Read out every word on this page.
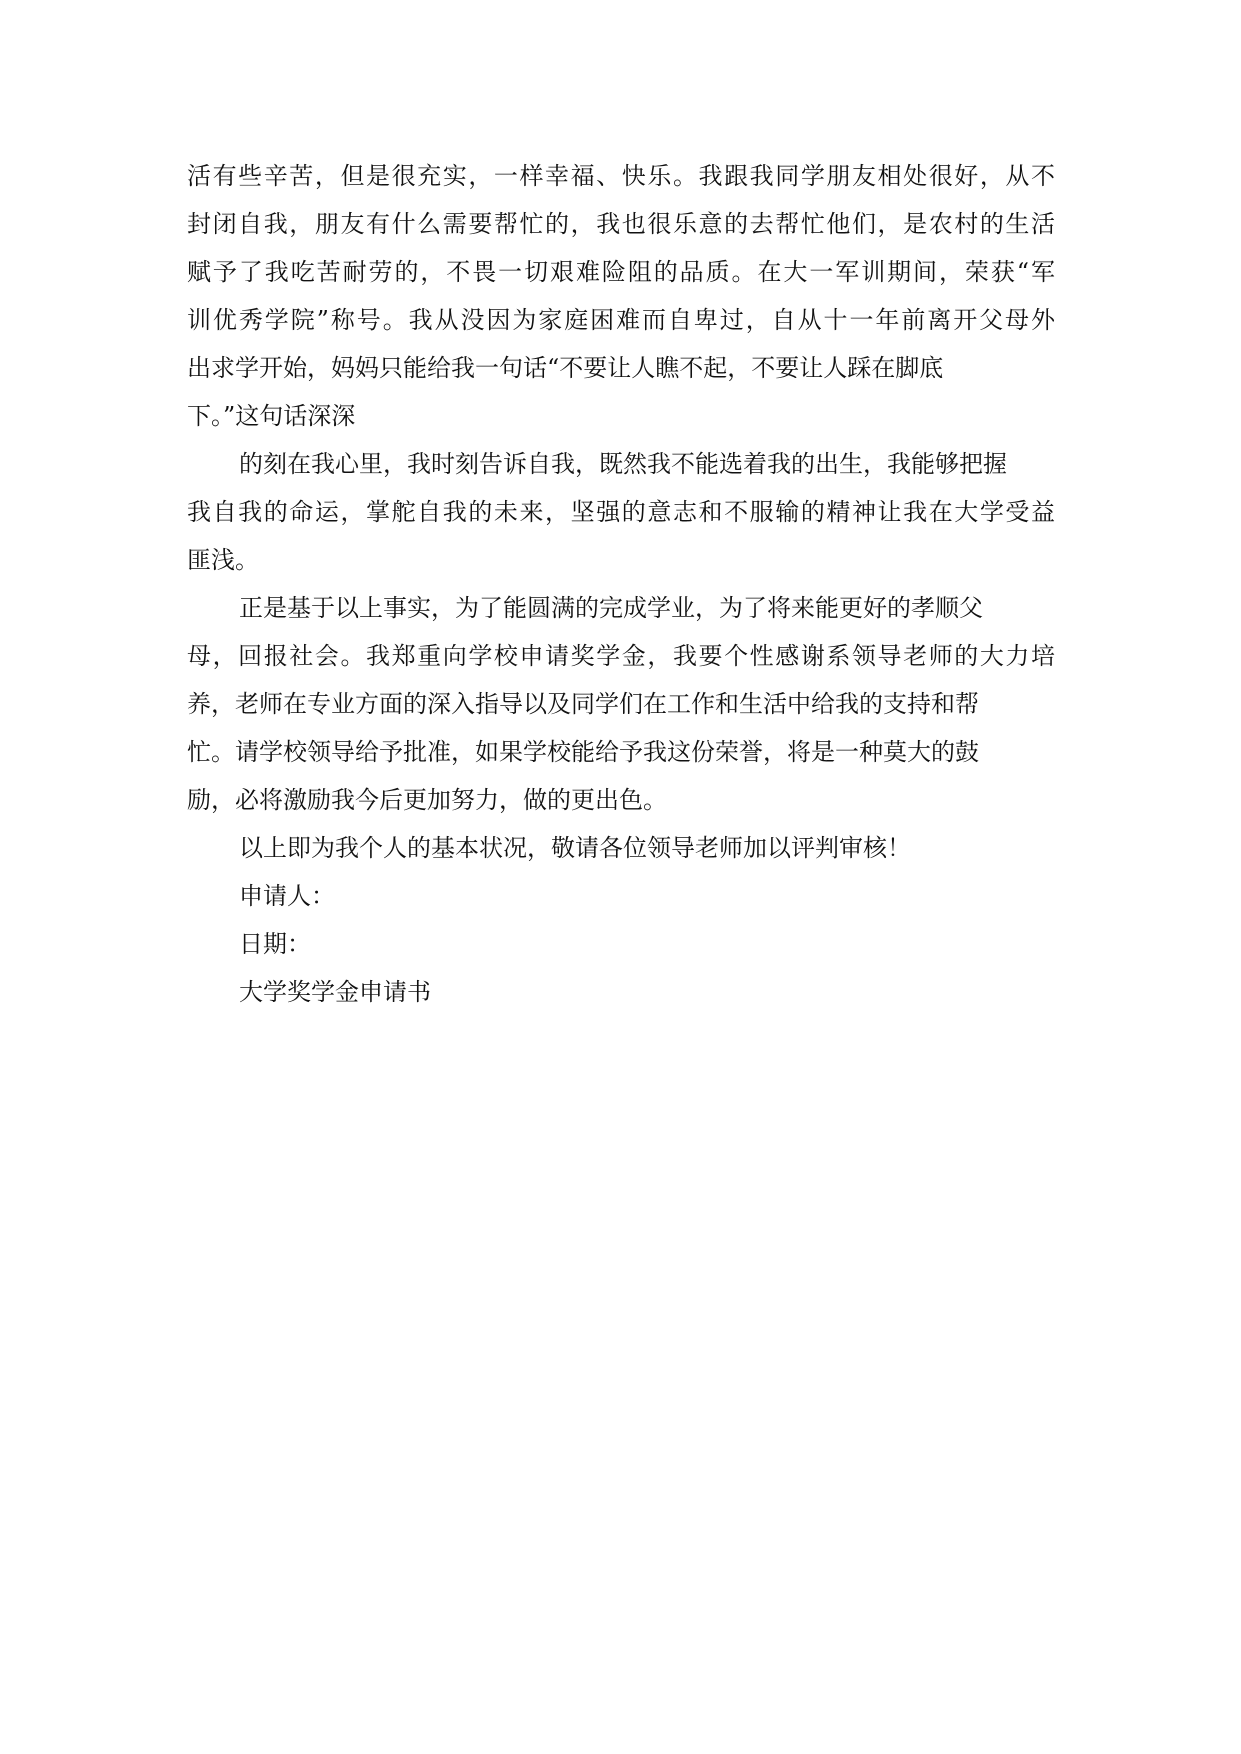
活有些辛苦，但是很充实，一样幸福、快乐。我跟我同学朋友相处很好，从不
封闭自我，朋友有什么需要帮忙的，我也很乐意的去帮忙他们，是农村的生活
赋予了我吃苦耐劳的，不畏一切艰难险阻的品质。在大一军训期间，荣获“军
训优秀学院”称号。我从没因为家庭困难而自卑过，自从十一年前离开父母外
出求学开始，妈妈只能给我一句话“不要让人瞧不起，不要让人踩在脚底
下。”这句话深深
的刻在我心里，我时刻告诉自我，既然我不能选着我的出生，我能够把握
我自我的命运，掌舵自我的未来，坚强的意志和不服输的精神让我在大学受益
匪浅。
正是基于以上事实，为了能圆满的完成学业，为了将来能更好的孝顺父
母，回报社会。我郑重向学校申请奖学金，我要个性感谢系领导老师的大力培
养，老师在专业方面的深入指导以及同学们在工作和生活中给我的支持和帮
忙。请学校领导给予批准，如果学校能给予我这份荣誉，将是一种莫大的鼓
励，必将激励我今后更加努力，做的更出色。
以上即为我个人的基本状况，敬请各位领导老师加以评判审核！
申请人：
日期：
大学奖学金申请书
